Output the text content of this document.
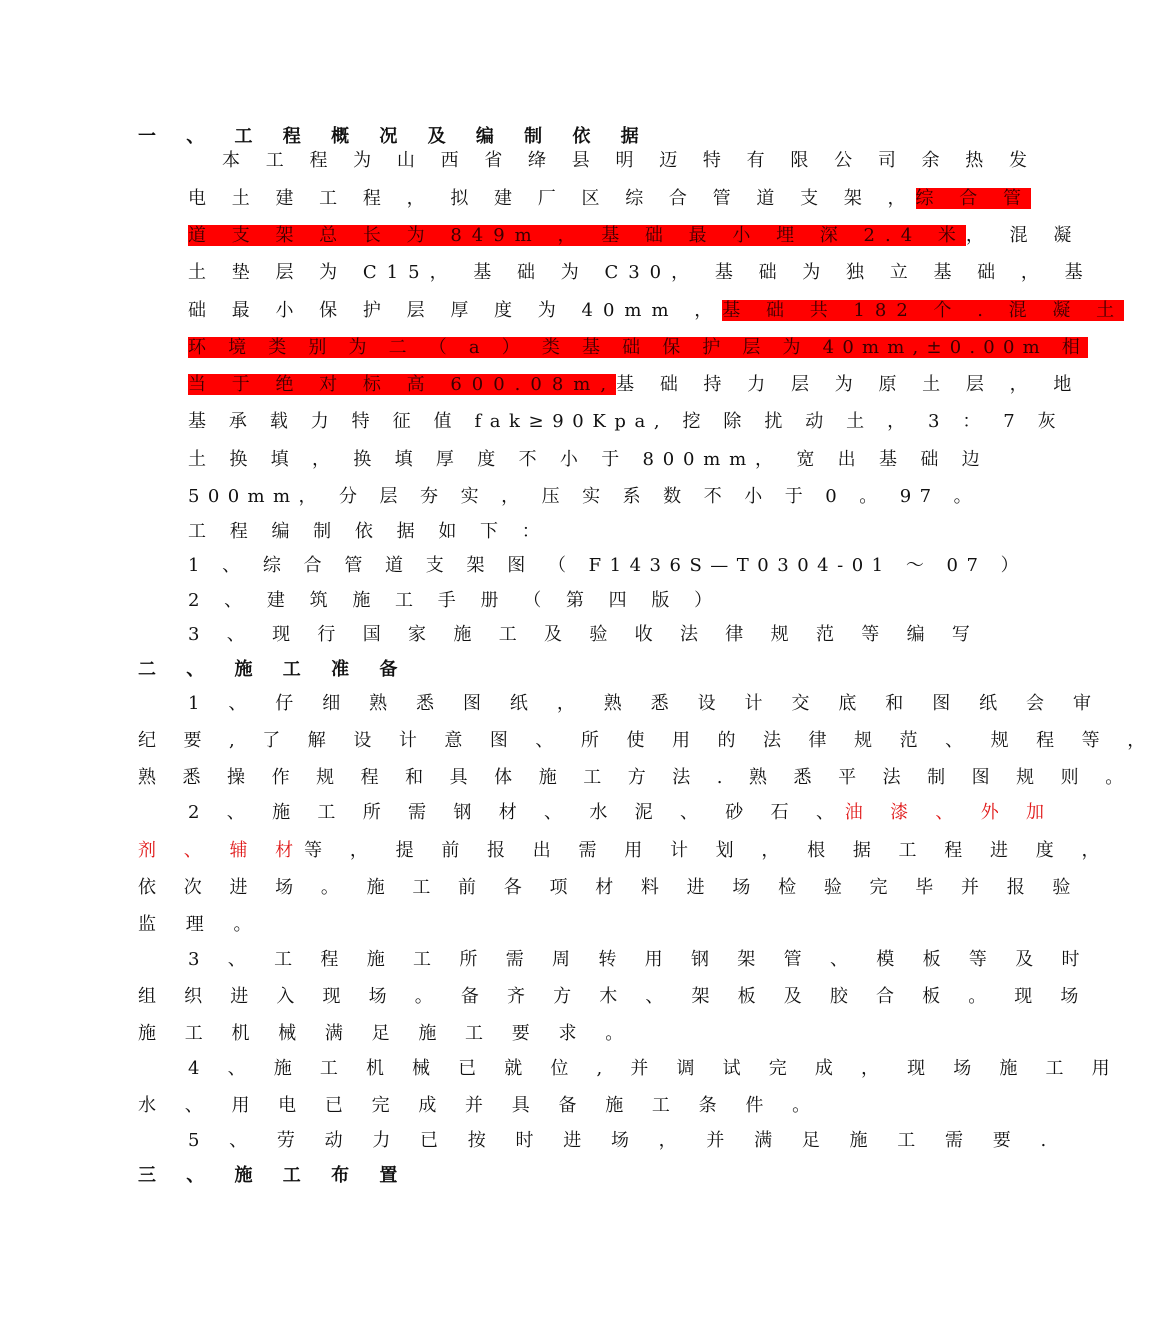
一 、 工 程 概 况 及 编 制 依 据
本 工 程 为 山 西 省 绛 县 明 迈 特 有 限 公 司 余 热 发
电 土 建 工 程 ， 拟 建 厂 区 综 合 管 道 支 架 ，综 合 管
道 支 架 总 长 为 849m ， 基 础 最 小 埋 深 2.4 米， 混 凝
土 垫 层 为 C15， 基 础 为 C30， 基 础 为 独 立 基 础 ， 基
础 最 小 保 护 层 厚 度 为 40mm ，基 础 共 182 个 . 混 凝 土
环 境 类 别 为 二 （ a ） 类 基 础 保 护 层 为 40mm,±0.00m 相
当 于 绝 对 标 高 600.08m,基 础 持 力 层 为 原 土 层 ， 地
基 承 载 力 特 征 值 fak≥90Kpa, 挖 除 扰 动 土 ， 3 ： 7 灰
土 换 填 ， 换 填 厚 度 不 小 于 800mm， 宽 出 基 础 边
500mm， 分 层 夯 实 ， 压 实 系 数 不 小 于 0 。 97 。
工 程 编 制 依 据 如 下 ：
1 、 综 合 管 道 支 架 图 （ F1436S—T0304-01 ～ 07 ）
2 、 建 筑 施 工 手 册 （ 第 四 版 ）
3 、 现 行 国 家 施 工 及 验 收 法 律 规 范 等 编 写
二 、 施 工 准 备
1 、 仔 细 熟 悉 图 纸 ， 熟 悉 设 计 交 底 和 图 纸 会 审
纪 要 , 了 解 设 计 意 图 、 所 使 用 的 法 律 规 范 、 规 程 等 ，
熟 悉 操 作 规 程 和 具 体 施 工 方 法 . 熟 悉 平 法 制 图 规 则 。
2 、 施 工 所 需 钢 材 、 水 泥 、 砂 石 、油 漆 、 外 加
剂 、 辅 材等 ， 提 前 报 出 需 用 计 划 ， 根 据 工 程 进 度 ，
依 次 进 场 。 施 工 前 各 项 材 料 进 场 检 验 完 毕 并 报 验
监 理 。
3 、 工 程 施 工 所 需 周 转 用 钢 架 管 、 模 板 等 及 时
组 织 进 入 现 场 。 备 齐 方 木 、 架 板 及 胶 合 板 。 现 场
施 工 机 械 满 足 施 工 要 求 。
4 、 施 工 机 械 已 就 位 , 并 调 试 完 成 ， 现 场 施 工 用
水 、 用 电 已 完 成 并 具 备 施 工 条 件 。
5 、 劳 动 力 已 按 时 进 场 ， 并 满 足 施 工 需 要 .
三 、 施 工 布 置
